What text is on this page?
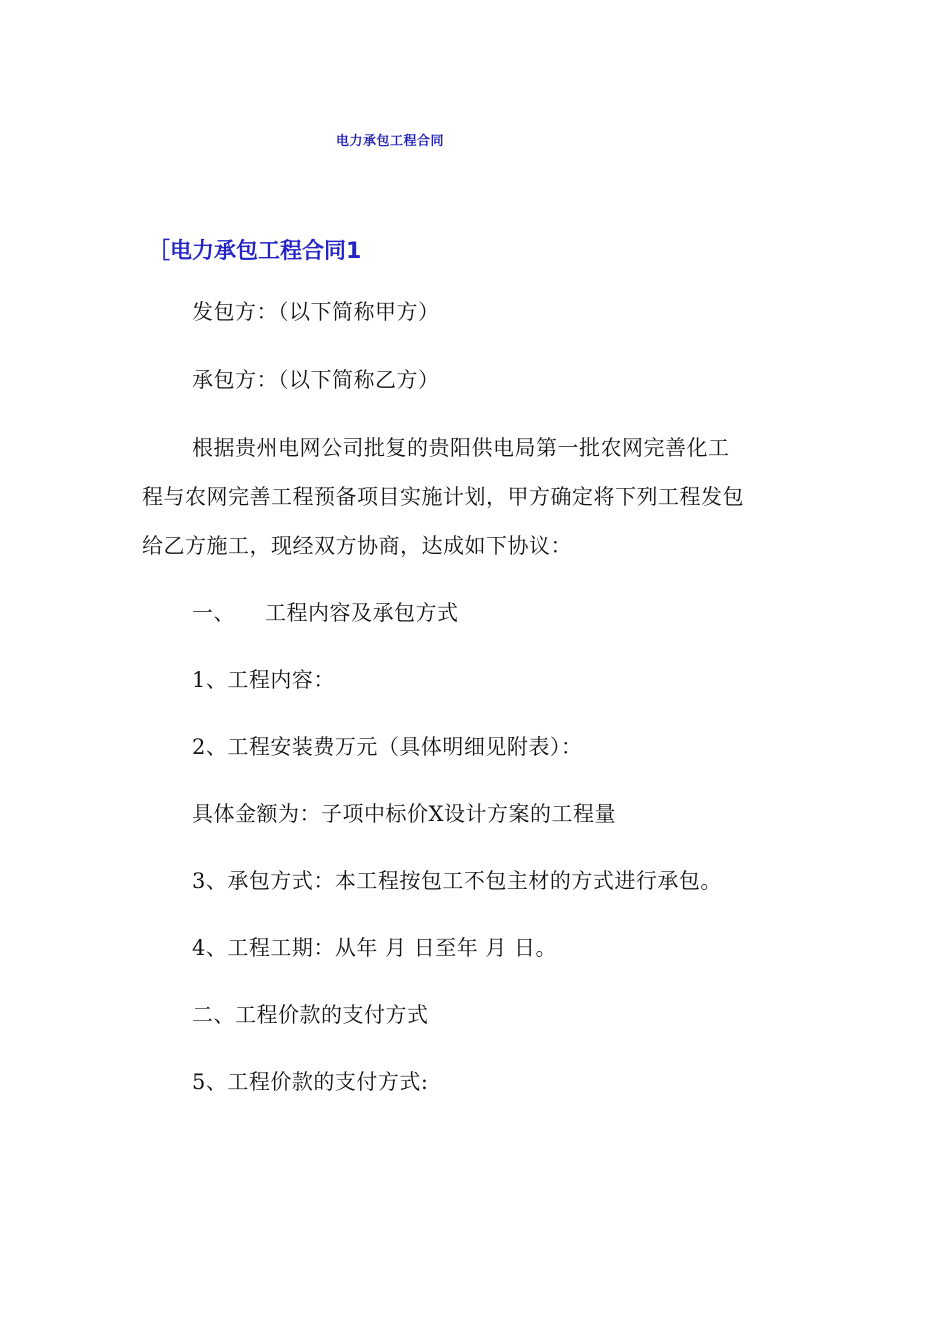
电力承包工程合同
［电力承包工程合同1
发包方：（以下简称甲方）
承包方：（以下简称乙方）
根据贵州电网公司批复的贵阳供电局第一批农网完善化工
程与农网完善工程预备项目实施计划，甲方确定将下列工程发包
给乙方施工，现经双方协商，达成如下协议：
一、 工程内容及承包方式
1、工程内容：
2、工程安装费万元（具体明细见附表）：
具体金额为：子项中标价X设计方案的工程量
3、承包方式：本工程按包工不包主材的方式进行承包。
4、工程工期：从年 月 日至年 月 日。
二、工程价款的支付方式
5、工程价款的支付方式:
